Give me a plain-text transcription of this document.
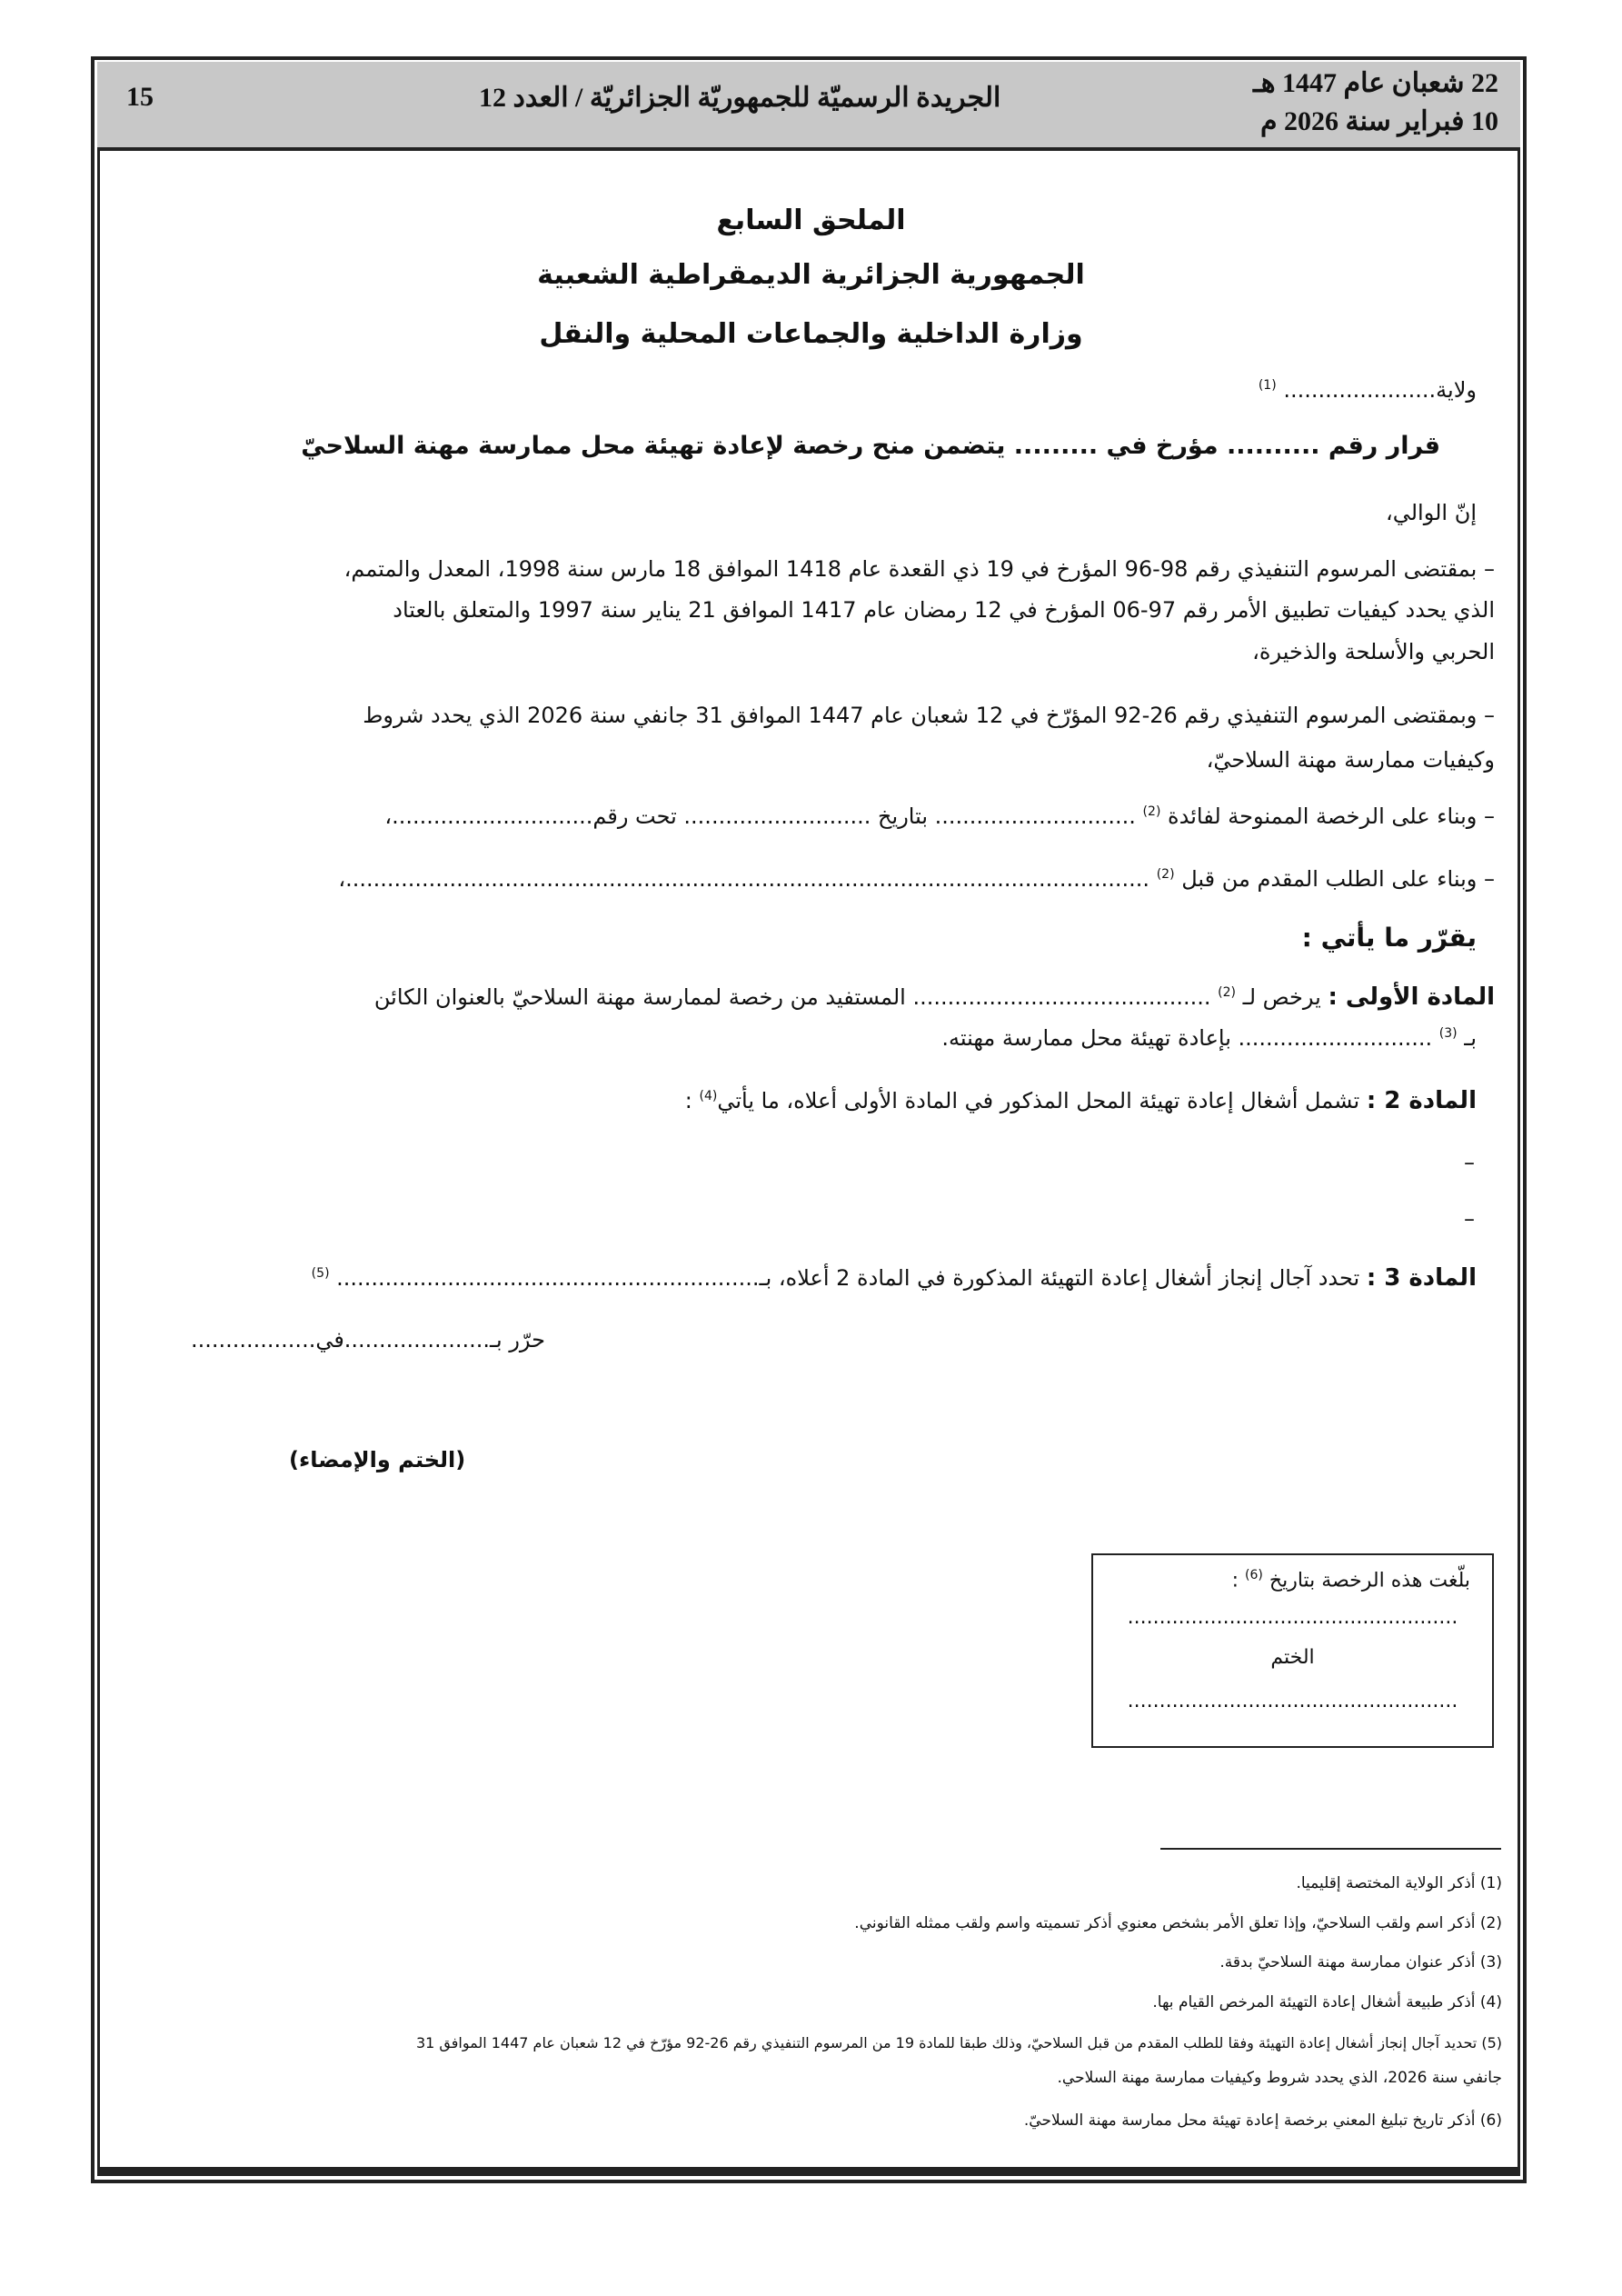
15	الجريدة الرسميّة للجمهوريّة الجزائريّة / العدد 12	22 شعبان عام 1447 هـ
10 فبراير سنة 2026 م
الملحق السابع
الجمهورية الجزائرية الديمقراطية الشعبية
وزارة الداخلية والجماعات المحلية والنقل
ولاية...................... $^{(1)}$
قرار رقم .......... مؤرخ في ......... يتضمن منح رخصة لإعادة تهيئة محل ممارسة مهنة السلاحيّ
إنّ الوالي،
– بمقتضى المرسوم التنفيذي رقم 98-96 المؤرخ في 19 ذي القعدة عام 1418 الموافق 18 مارس سنة 1998، المعدل والمتمم،
الذي يحدد كيفيات تطبيق الأمر رقم 97-06 المؤرخ في 12 رمضان عام 1417 الموافق 21 يناير سنة 1997 والمتعلق بالعتاد
الحربي والأسلحة والذخيرة،
– وبمقتضى المرسوم التنفيذي رقم 26-92 المؤرّخ في 12 شعبان عام 1447 الموافق 31 جانفي سنة 2026 الذي يحدد شروط
وكيفيات ممارسة مهنة السلاحيّ،
– وبناء على الرخصة الممنوحة لفائدة $^{(2)}$ ............................. بتاريخ ........................... تحت رقم.............................،
– وبناء على الطلب المقدم من قبل $^{(2)}$ ....................................................................................................................،
يقرّر ما يأتي :
المادة الأولى : يرخص لـ $^{(2)}$ ........................................... المستفيد من رخصة لممارسة مهنة السلاحيّ بالعنوان الكائن
بـ $^{(3)}$ ............................ بإعادة تهيئة محل ممارسة مهنته.
المادة 2 : تشمل أشغال إعادة تهيئة المحل المذكور في المادة الأولى أعلاه، ما يأتي$^{(4)}$ :
–
–
المادة 3 : تحدد آجال إنجاز أشغال إعادة التهيئة المذكورة في المادة 2 أعلاه، بـ............................................................. $^{(5)}$
حرّر بـ.....................في..................
(الختم والإمضاء)
بلّغت هذه الرخصة بتاريخ $^{(6)}$ :
....................................................
الختم
....................................................
(1) أذكر الولاية المختصة إقليميا.
(2) أذكر اسم ولقب السلاحيّ، وإذا تعلق الأمر بشخص معنوي أذكر تسميته واسم ولقب ممثله القانوني.
(3) أذكر عنوان ممارسة مهنة السلاحيّ بدقة.
(4) أذكر طبيعة أشغال إعادة التهيئة المرخص القيام بها.
(5) تحديد آجال إنجاز أشغال إعادة التهيئة وفقا للطلب المقدم من قبل السلاحيّ، وذلك طبقا للمادة 19 من المرسوم التنفيذي رقم 26-92 مؤرّخ في 12 شعبان عام 1447 الموافق 31
جانفي سنة 2026، الذي يحدد شروط وكيفيات ممارسة مهنة السلاحي.
(6) أذكر تاريخ تبليغ المعني برخصة إعادة تهيئة محل ممارسة مهنة السلاحيّ.
